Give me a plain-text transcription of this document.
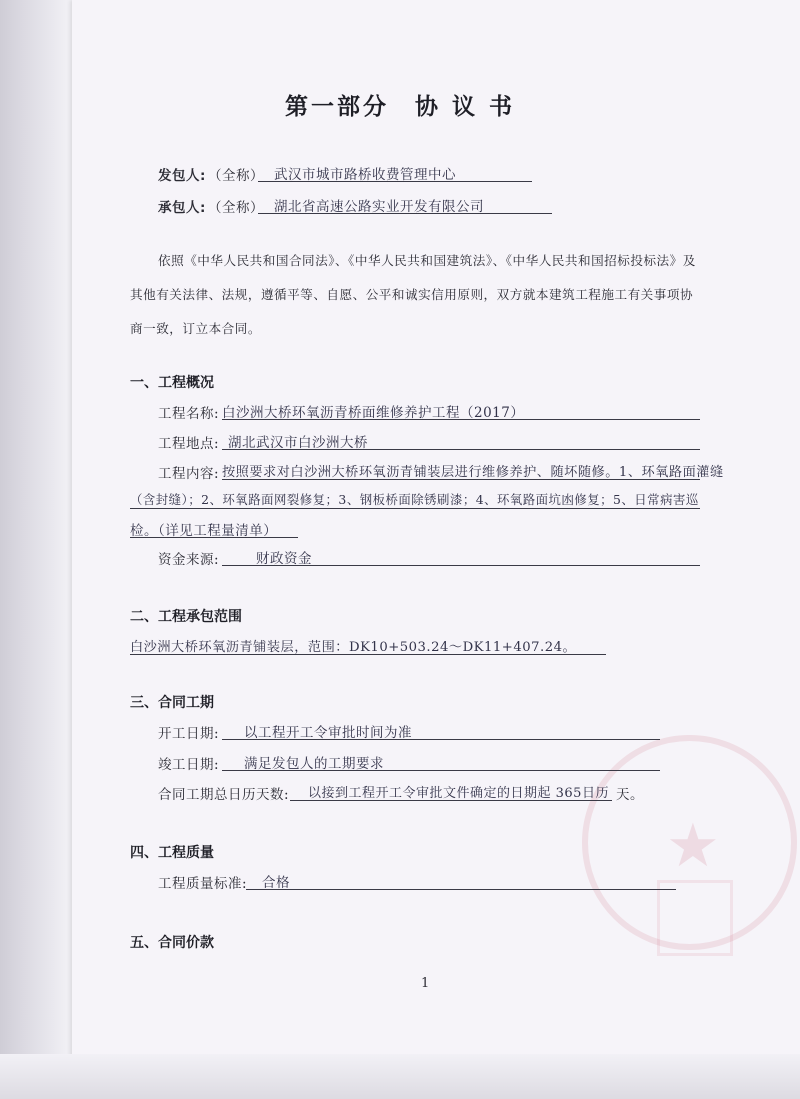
★
第一部分　协 议 书
发包人: （全称） 武汉市城市路桥收费管理中心
承包人: （全称） 湖北省高速公路实业开发有限公司
依照《中华人民共和国合同法》、《中华人民共和国建筑法》、《中华人民共和国招标投标法》及
其他有关法律、法规，遵循平等、自愿、公平和诚实信用原则，双方就本建筑工程施工有关事项协
商一致，订立本合同。
一、工程概况
工程名称: 白沙洲大桥环氧沥青桥面维修养护工程（2017）
工程地点: 湖北武汉市白沙洲大桥
工程内容: 按照要求对白沙洲大桥环氧沥青铺装层进行维修养护、随坏随修。1、环氧路面灌缝
（含封缝）；2、环氧路面网裂修复；3、钢板桥面除锈刷漆；4、环氧路面坑凼修复；5、日常病害巡
检。（详见工程量清单）
资金来源:	财政资金
二、工程承包范围
白沙洲大桥环氧沥青铺装层，范围：DK10+503.24～DK11+407.24。
三、合同工期
开工日期: 以工程开工令审批时间为准
竣工日期: 满足发包人的工期要求
合同工期总日历天数: 以接到工程开工令审批文件确定的日期起 365日历 天。
四、工程质量
工程质量标准: 合格
五、合同价款
1
